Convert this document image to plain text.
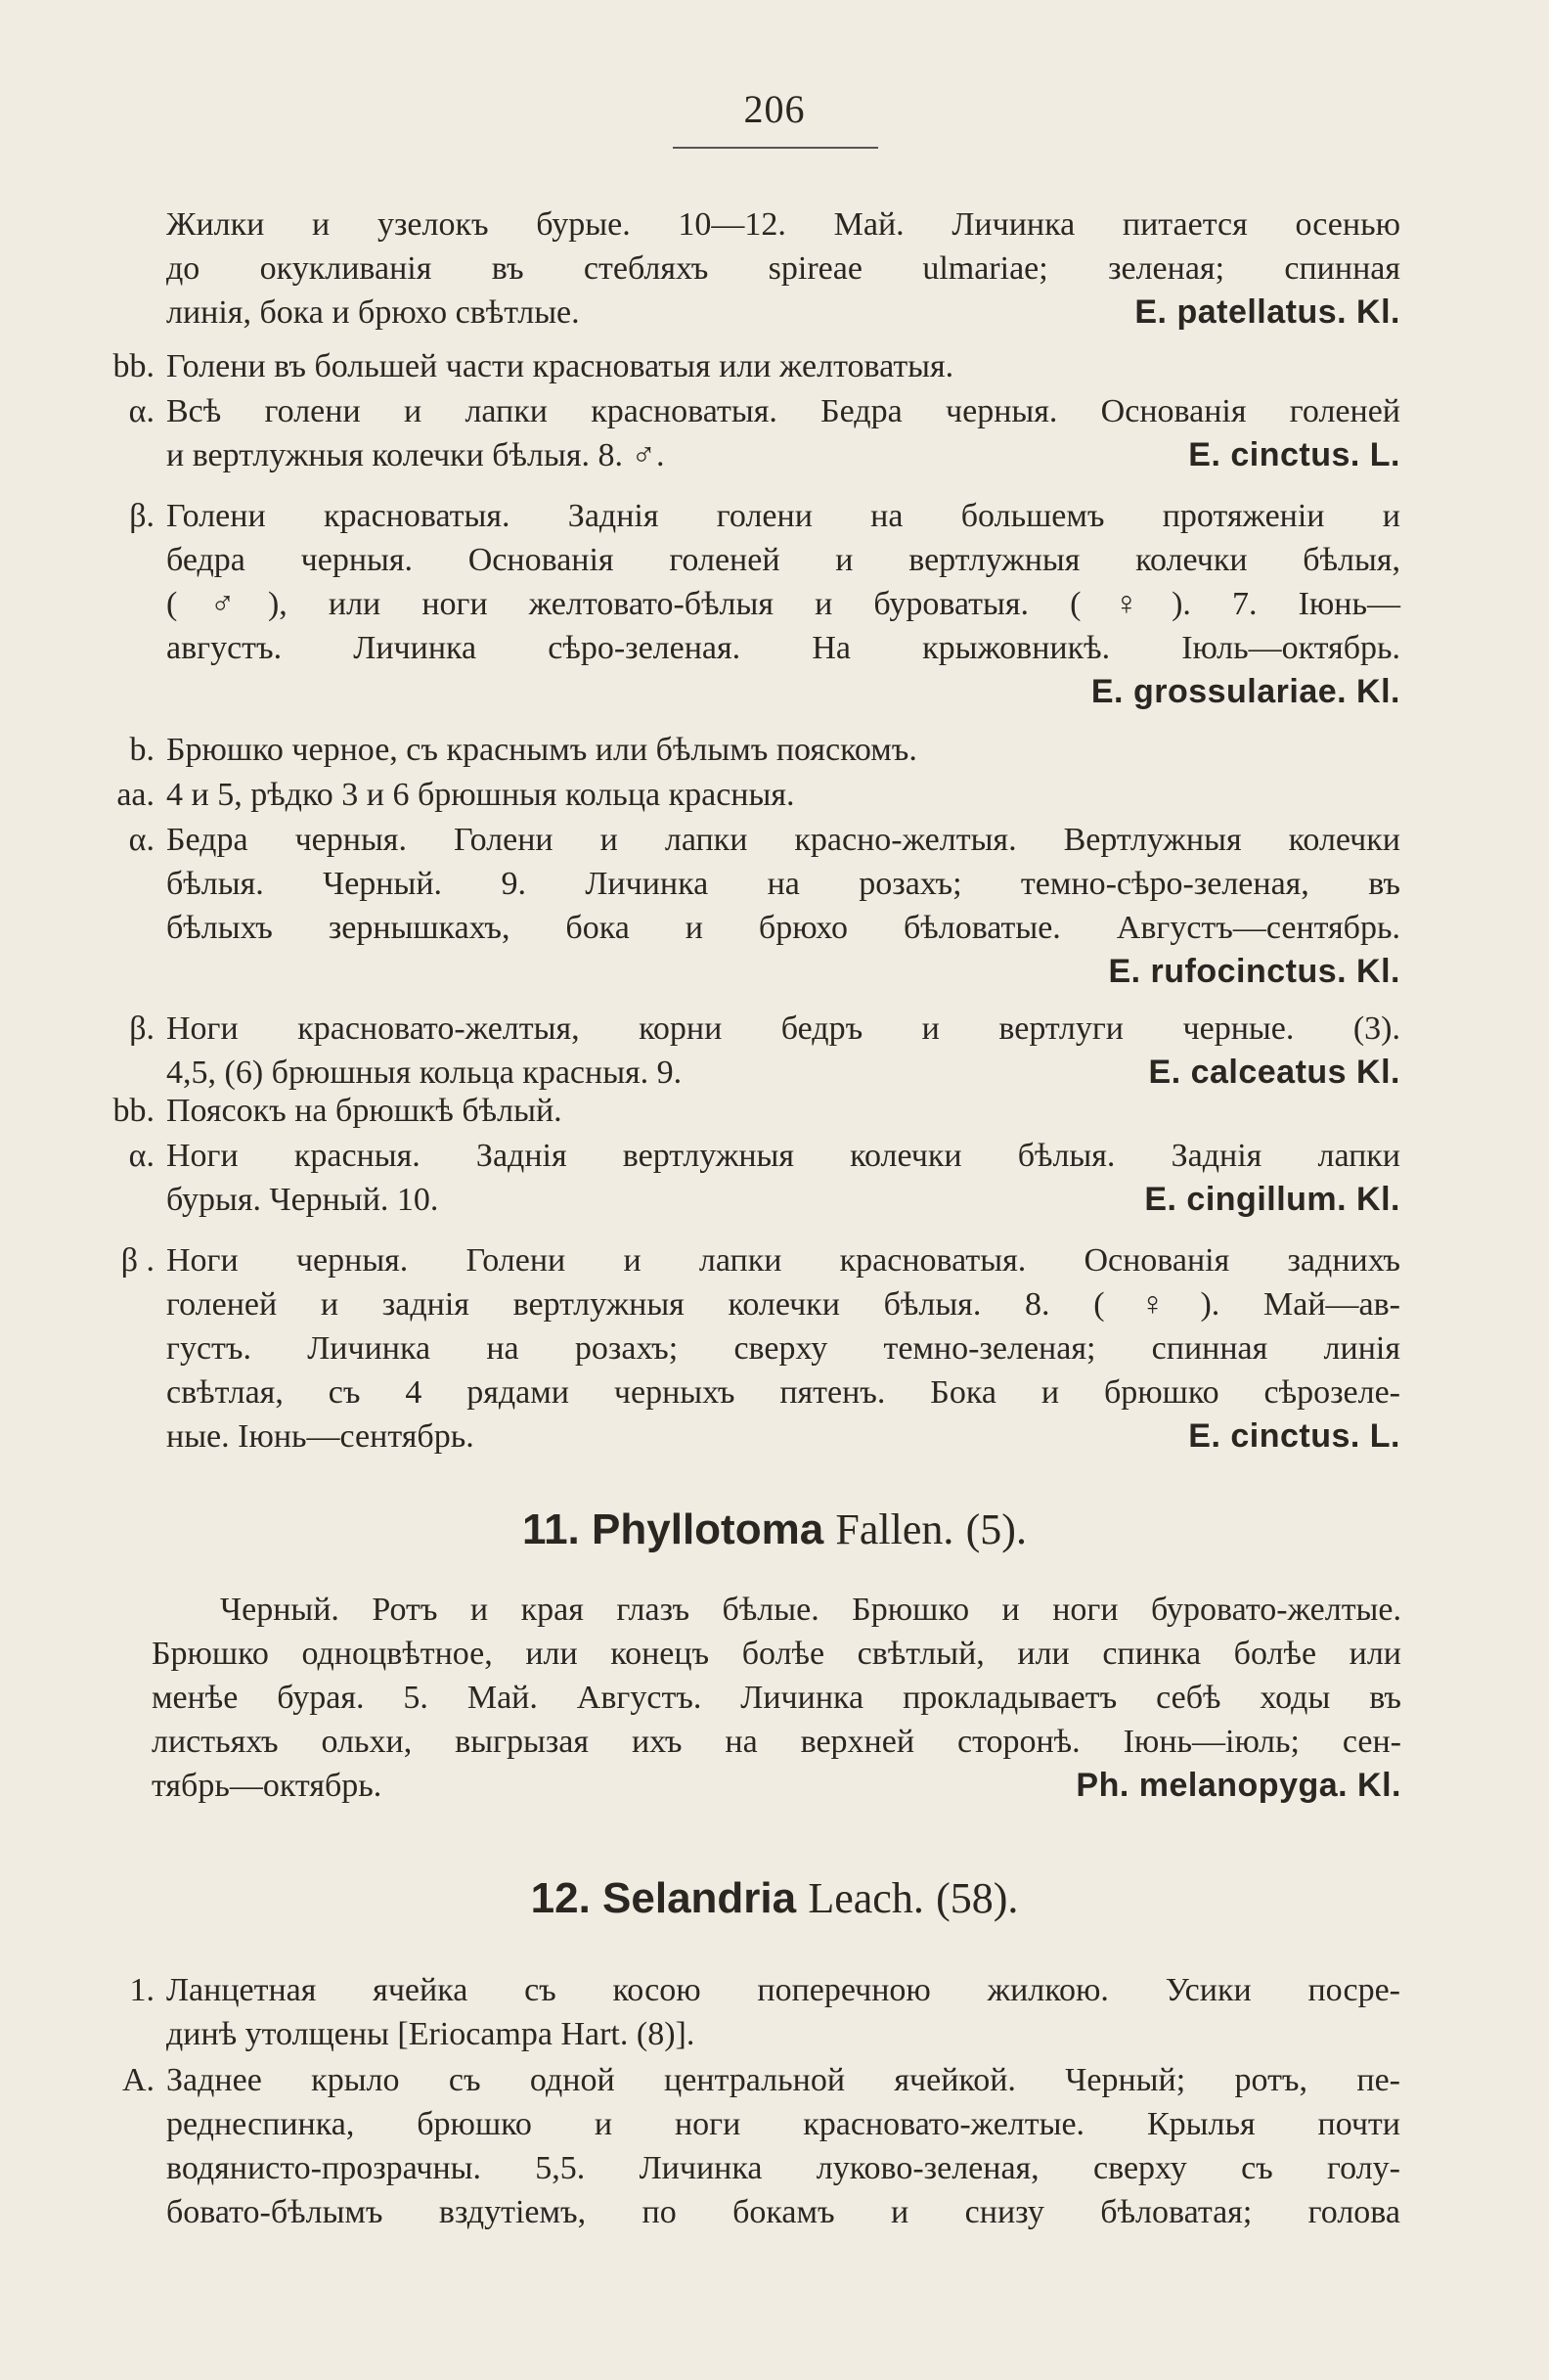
206
Жилки и узелокъ бурые. 10—12. Май. Личинка питается осенью
до окукливанія въ стебляхъ spireae ulmariae; зеленая; спинная
линія, бока и брюхо свѣтлые.	E. patellatus. Kl.
bb. Голени въ большей части красноватыя или желтоватыя.
α. Всѣ голени и лапки красноватыя. Бедра черныя. Основанія голеней
и вертлужныя колечки бѣлыя. 8. ♂.	E. cinctus. L.
β. Голени красноватыя. Заднія голени на большемъ протяженіи и
бедра черныя. Основанія голеней и вертлужныя колечки бѣлыя,
(♂), или ноги желтовато-бѣлыя и буроватыя. (♀). 7. Іюнь—
августъ. Личинка сѣро-зеленая. На крыжовникѣ. Іюль—октябрь.
E. grossulariae. Kl.
b. Брюшко черное, съ краснымъ или бѣлымъ пояскомъ.
aa. 4 и 5, рѣдко 3 и 6 брюшныя кольца красныя.
α. Бедра черныя. Голени и лапки красно-желтыя. Вертлужныя колечки
бѣлыя. Черный. 9. Личинка на розахъ; темно-сѣро-зеленая, въ
бѣлыхъ зернышкахъ, бока и брюхо бѣловатые. Августъ—сентябрь.
E. rufocinctus. Kl.
β. Ноги красновато-желтыя, корни бедръ и вертлуги черные. (3).
4,5, (6) брюшныя кольца красныя. 9.	E. calceatus Kl.
bb. Поясокъ на брюшкѣ бѣлый.
α. Ноги красныя. Заднія вертлужныя колечки бѣлыя. Заднія лапки
бурыя. Черный. 10.	E. cingillum. Kl.
β . Ноги черныя. Голени и лапки красноватыя. Основанія заднихъ
голеней и заднія вертлужныя колечки бѣлыя. 8. (♀). Май—ав-
густъ. Личинка на розахъ; сверху темно-зеленая; спинная линія
свѣтлая, съ 4 рядами черныхъ пятенъ. Бока и брюшко сѣрозеле-
ные. Іюнь—сентябрь.	E. cinctus. L.
11. Phyllotoma Fallen. (5).
Черный. Ротъ и края глазъ бѣлые. Брюшко и ноги буровато-желтые.
Брюшко одноцвѣтное, или конецъ болѣе свѣтлый, или спинка болѣе или
менѣе бурая. 5. Май. Августъ. Личинка прокладываетъ себѣ ходы въ
листьяхъ ольхи, выгрызая ихъ на верхней сторонѣ. Іюнь—іюль; сен-
тябрь—октябрь.	Ph. melanopyga. Kl.
12. Selandria Leach. (58).
1. Ланцетная ячейка съ косою поперечною жилкою. Усики посре-
динѣ утолщены [Eriocampa Hart. (8)].
A. Заднее крыло съ одной центральной ячейкой. Черный; ротъ, пе-
реднеспинка, брюшко и ноги красновато-желтые. Крылья почти
водянисто-прозрачны. 5,5. Личинка луково-зеленая, сверху съ голу-
бовато-бѣлымъ вздутіемъ, по бокамъ и снизу бѣловатая; голова
